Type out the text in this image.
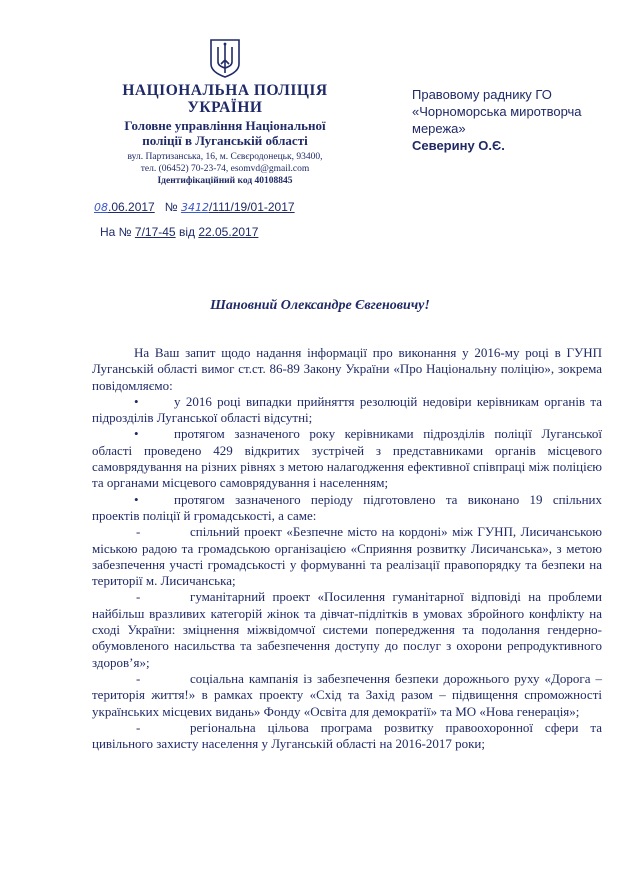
НАЦІОНАЛЬНА ПОЛІЦІЯ
УКРАЇНИ
Головне управління Національної
поліції в Луганській області
вул. Партизанська, 16, м. Сєвєродонецьк, 93400,
тел. (06452) 70-23-74, esomvd@gmail.com
Ідентифікаційний код 40108845
Правовому раднику ГО
«Чорноморська миротворча
мережа»
Северину О.Є.
08.06.2017 № 3412/111/19/01-2017
На № 7/17-45 від 22.05.2017
Шановний Олександре Євгеновичу!

На Ваш запит щодо надання інформації про виконання у 2016-му році в ГУНП Луганській області вимог ст.ст. 86-89 Закону України «Про Національну поліцію», зокрема повідомляємо:

•	у 2016 році випадки прийняття резолюцій недовіри керівникам органів та підрозділів Луганської області відсутні;

•	протягом зазначеного року керівниками підрозділів поліції Луганської області проведено 429 відкритих зустрічей з представниками органів місцевого самоврядування на різних рівнях з метою налагодження ефективної співпраці між поліцією та органами місцевого самоврядування і населенням;

•	протягом зазначеного періоду підготовлено та виконано 19 спільних проектів поліції й громадськості, а саме:

-	спільний проект «Безпечне місто на кордоні» між ГУНП, Лисичанською міською радою та громадською організацією «Сприяння розвитку Лисичанська», з метою забезпечення участі громадськості у формуванні та реалізації правопорядку та безпеки на території м. Лисичанська;

-	гуманітарний проект «Посилення гуманітарної відповіді на проблеми найбільш вразливих категорій жінок та дівчат-підлітків в умовах збройного конфлікту на сході України: зміцнення міжвідомчої системи попередження та подолання гендерно-обумовленого насильства та забезпечення доступу до послуг з охорони репродуктивного здоров’я»;

-	соціальна кампанія із забезпечення безпеки дорожнього руху «Дорога – територія життя!» в рамках проекту «Схід та Захід разом – підвищення спроможності українських місцевих видань» Фонду «Освіта для демократії» та МО «Нова генерація»;

-	регіональна цільова програма розвитку правоохоронної сфери та цивільного захисту населення у Луганській області на 2016-2017 роки;
